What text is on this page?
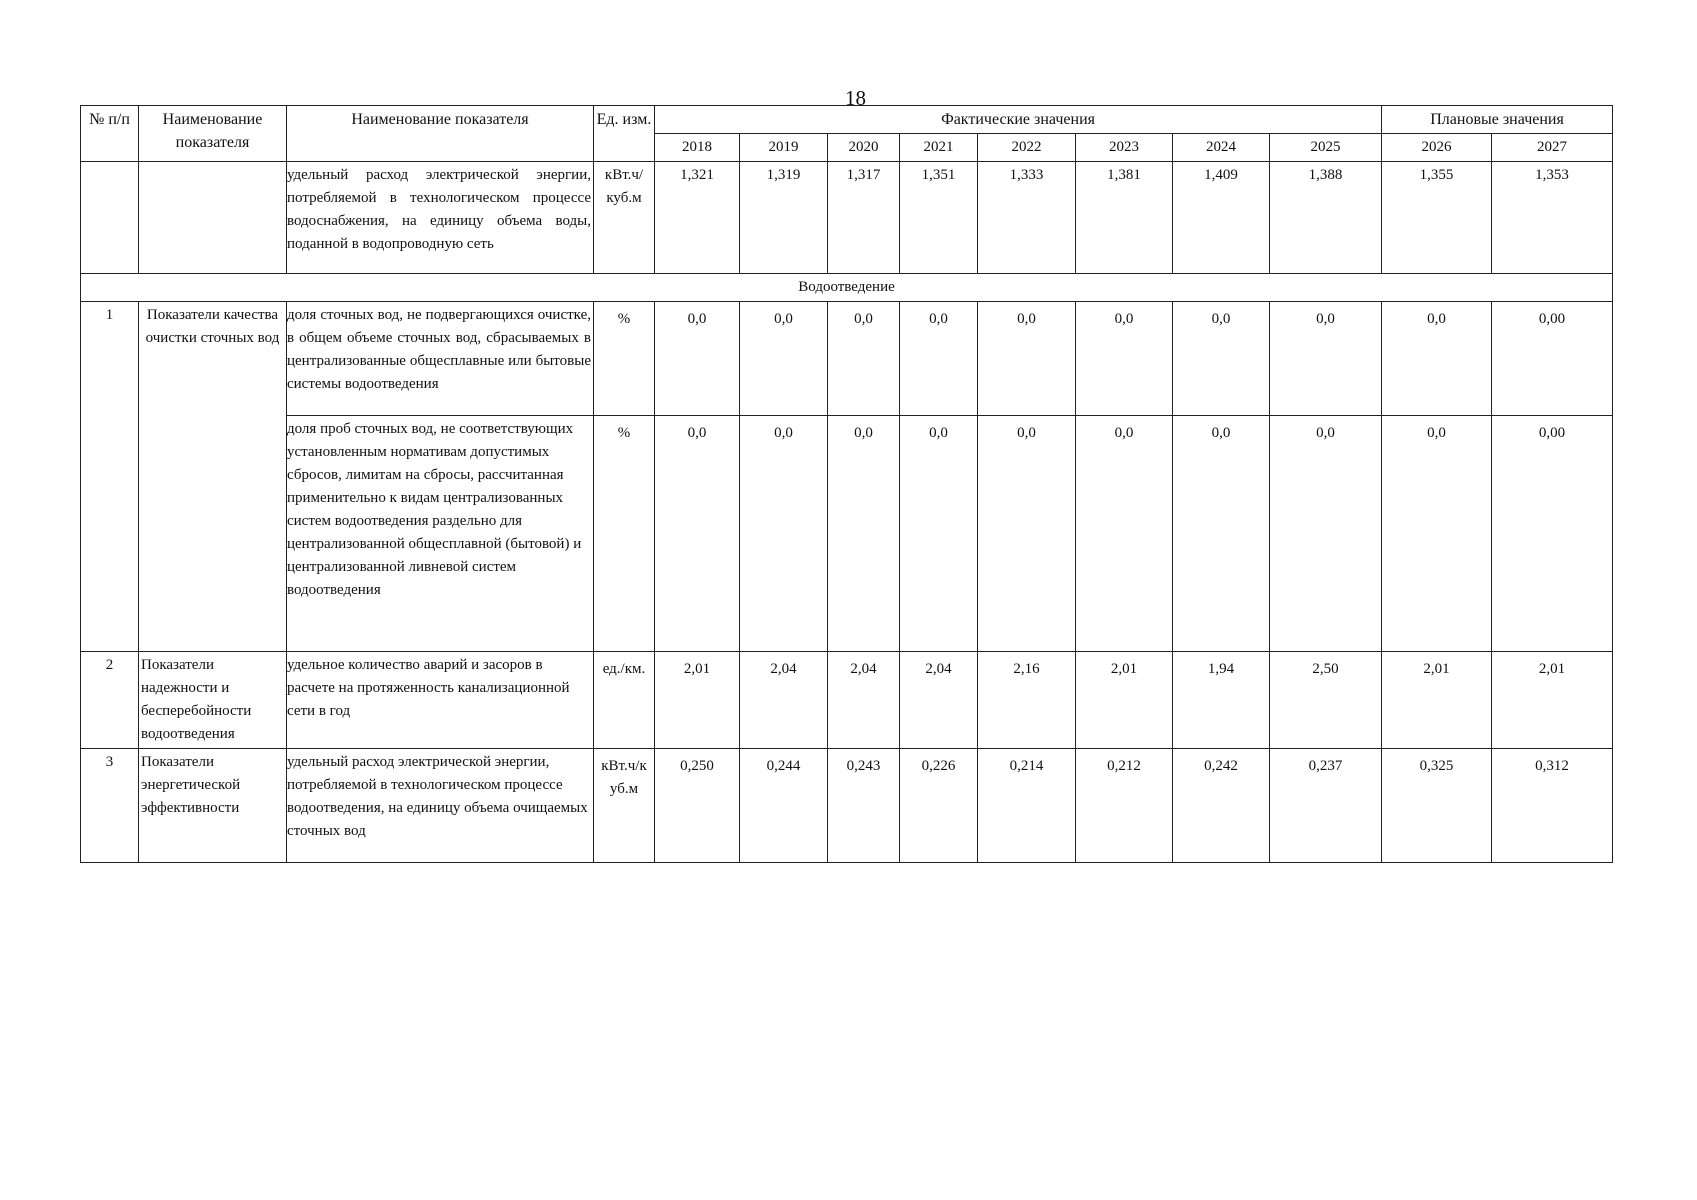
18
№ п/п	Наименование показателя	Наименование показателя	Ед. изм.	Фактические значения								Плановые значения	
				2018	2019	2020	2021	2022	2023	2024	2025	2026	2027
		удельный расход электрической энергии, потребляемой в технологическом процессе водоснабжения, на единицу объема воды, поданной в водопроводную сеть	кВт.ч/ куб.м	1,321	1,319	1,317	1,351	1,333	1,381	1,409	1,388	1,355	1,353
Водоотведение													
1	Показатели качества очистки сточных вод	доля сточных вод, не подвергающихся очистке, в общем объеме сточных вод, сбрасываемых в централизованные общесплавные или бытовые системы водоотведения	%	0,0	0,0	0,0	0,0	0,0	0,0	0,0	0,0	0,0	0,00
		доля проб сточных вод, не соответствующих установленным нормативам допустимых сбросов, лимитам на сбросы, рассчитанная применительно к видам централизованных систем водоотведения раздельно для централизованной общесплавной (бытовой) и централизованной ливневой систем водоотведения	%	0,0	0,0	0,0	0,0	0,0	0,0	0,0	0,0	0,0	0,00
2	Показатели надежности и бесперебойности водоотведения	удельное количество аварий и засоров в расчете на протяженность канализационной сети в год	ед./км.	2,01	2,04	2,04	2,04	2,16	2,01	1,94	2,50	2,01	2,01
3	Показатели энергетической эффективности	удельный расход электрической энергии, потребляемой в технологическом процессе водоотведения, на единицу объема очищаемых сточных вод	кВт.ч/к уб.м	0,250	0,244	0,243	0,226	0,214	0,212	0,242	0,237	0,325	0,312
